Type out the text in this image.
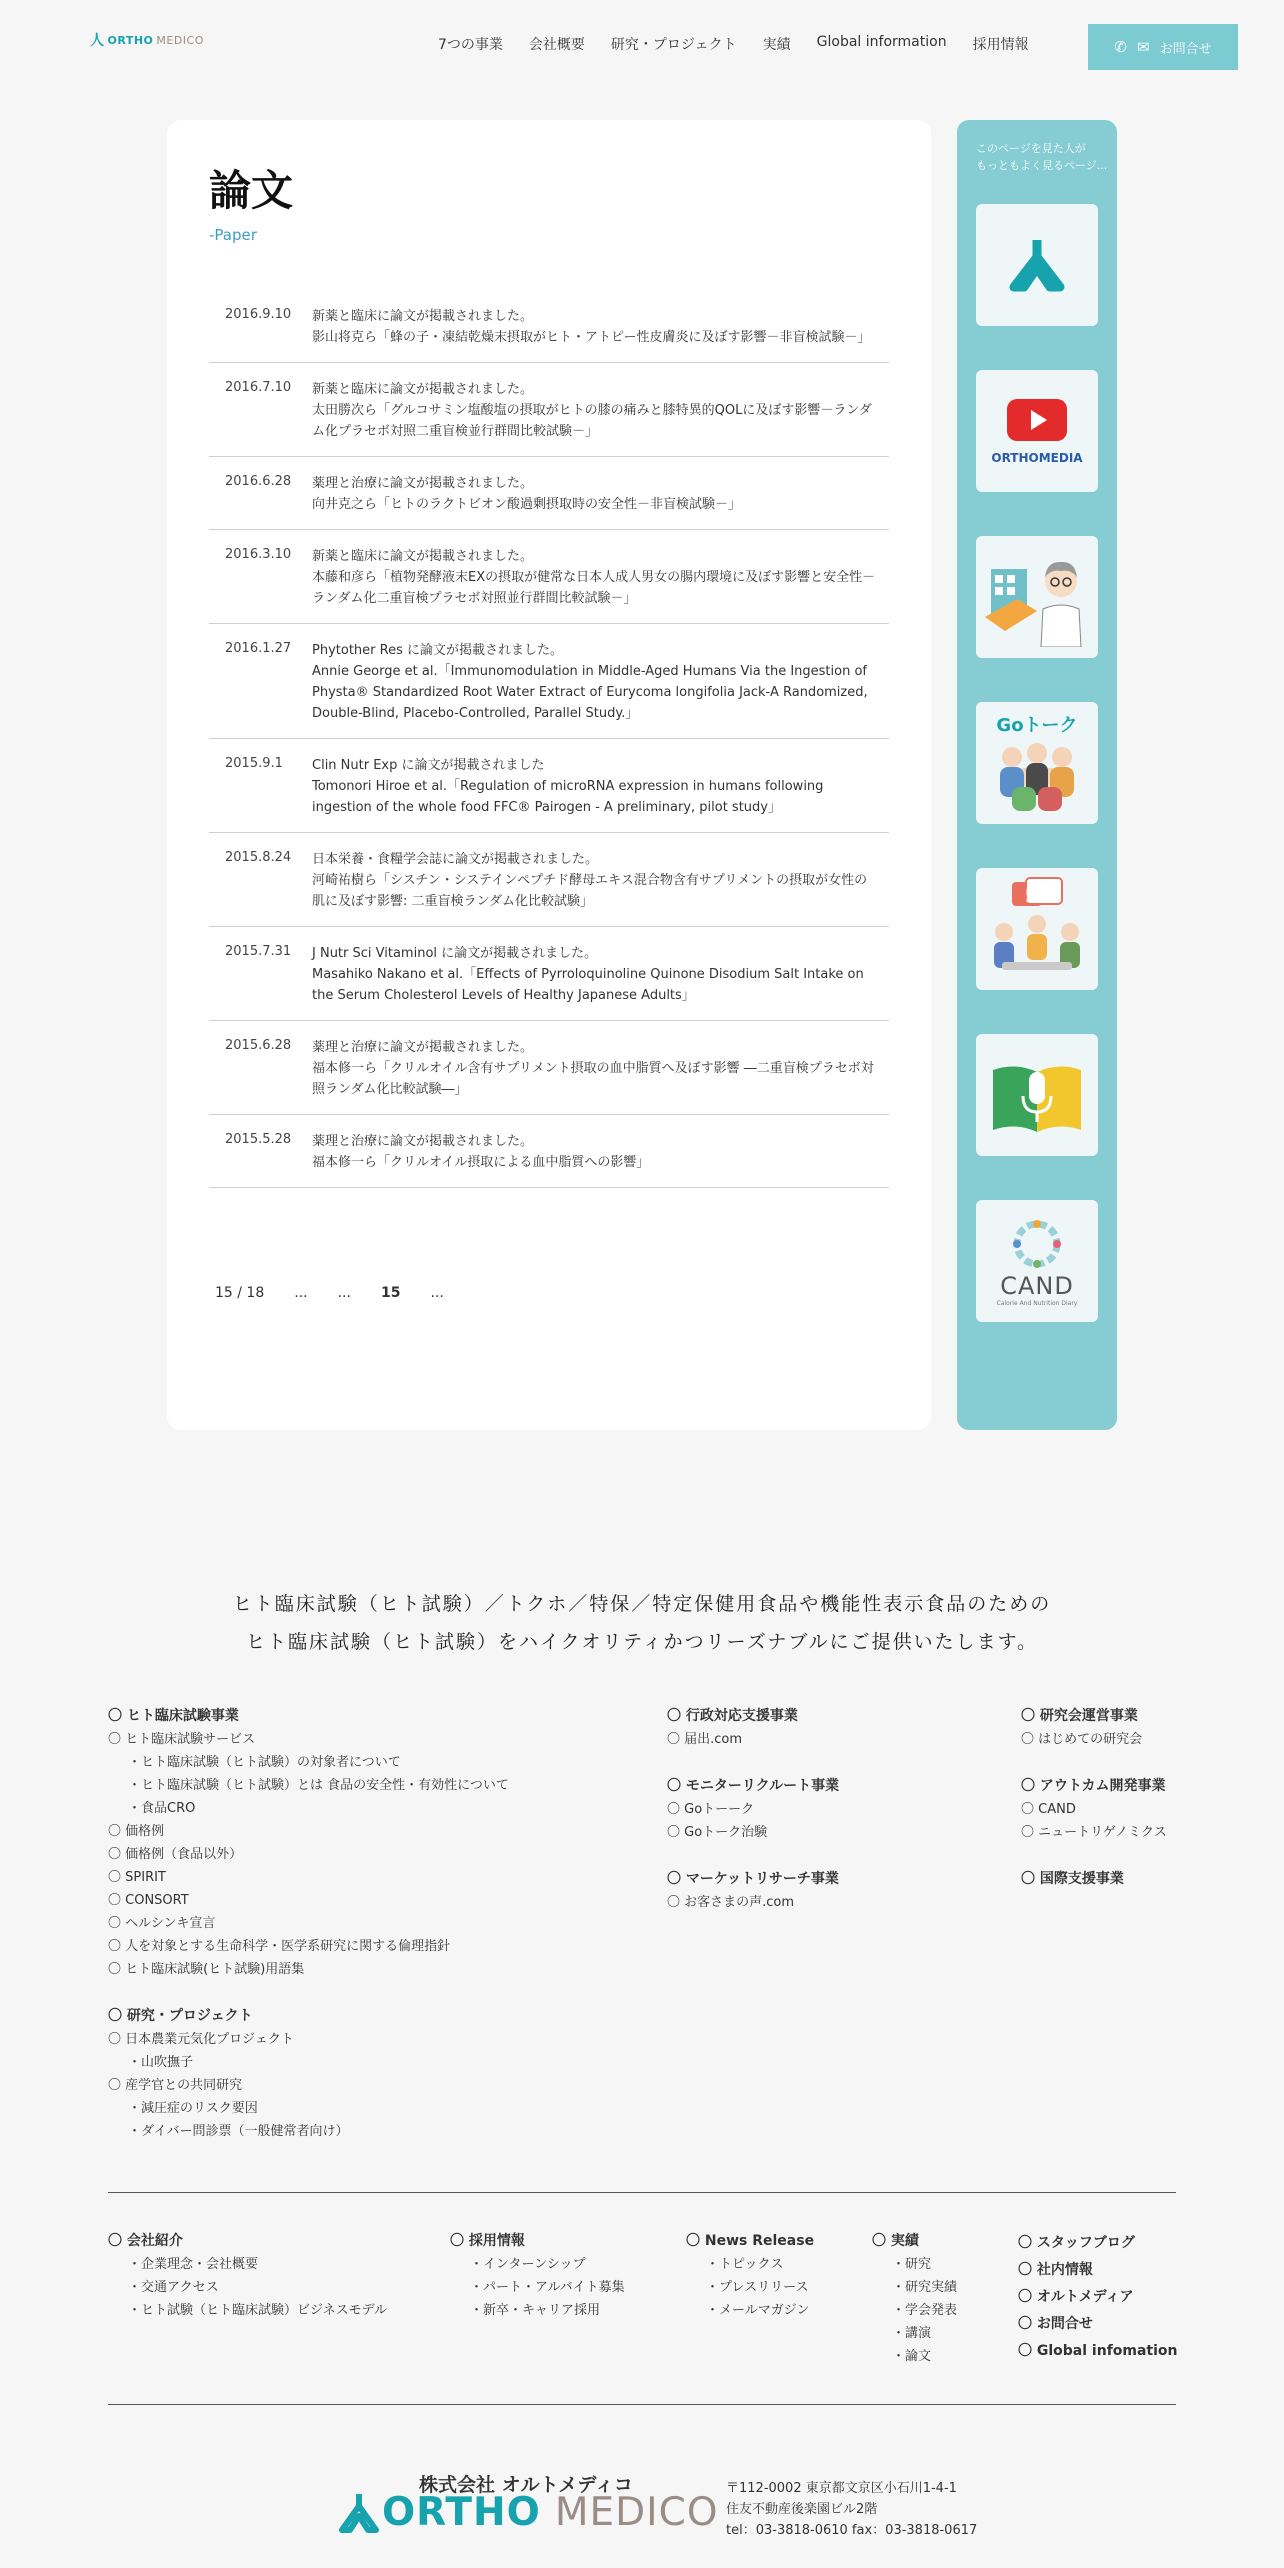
人 ORTHO MEDICO	7つの事業 会社概要 研究・プロジェクト 実績 Global information 採用情報	✆ ✉ お問合せ
論文
-Paper
2016.9.10	新薬と臨床に論文が掲載されました。
影山将克ら「蜂の子・凍結乾燥末摂取がヒト・アトピー性皮膚炎に及ぼす影響－非盲検試験－」
2016.7.10	新薬と臨床に論文が掲載されました。
太田勝次ら「グルコサミン塩酸塩の摂取がヒトの膝の痛みと膝特異的QOLに及ぼす影響－ランダム化プラセボ対照二重盲検並行群間比較試験－」
2016.6.28	薬理と治療に論文が掲載されました。
向井克之ら「ヒトのラクトビオン酸過剰摂取時の安全性－非盲検試験－」
2016.3.10	新薬と臨床に論文が掲載されました。
本藤和彦ら「植物発酵液末EXの摂取が健常な日本人成人男女の腸内環境に及ぼす影響と安全性－ランダム化二重盲検プラセボ対照並行群間比較試験－」
2016.1.27	Phytother Res に論文が掲載されました。
Annie George et al.「Immunomodulation in Middle-Aged Humans Via the Ingestion of Physta® Standardized Root Water Extract of Eurycoma longifolia Jack-A Randomized, Double-Blind, Placebo-Controlled, Parallel Study.」
2015.9.1	Clin Nutr Exp に論文が掲載されました
Tomonori Hiroe et al.「Regulation of microRNA expression in humans following ingestion of the whole food FFC® Pairogen - A preliminary, pilot study」
2015.8.24	日本栄養・食糧学会誌に論文が掲載されました。
河崎祐樹ら「シスチン・システインペプチド酵母エキス混合物含有サプリメントの摂取が女性の肌に及ぼす影響: 二重盲検ランダム化比較試験」
2015.7.31	J Nutr Sci Vitaminol に論文が掲載されました。
Masahiko Nakano et al.「Effects of Pyrroloquinoline Quinone Disodium Salt Intake on the Serum Cholesterol Levels of Healthy Japanese Adults」
2015.6.28	薬理と治療に論文が掲載されました。
福本修一ら「クリルオイル含有サプリメント摂取の血中脂質へ及ぼす影響 ―二重盲検プラセボ対照ランダム化比較試験―」
2015.5.28	薬理と治療に論文が掲載されました。
福本修一ら「クリルオイル摂取による血中脂質への影響」
15 / 18 ... ... 15 ...
このページを見た人が
もっともよく見るページ...
ORTHOMEDIA
Goトーク
!
CAND
Calorie And Nutrition Diary
ヒト臨床試験（ヒト試験）／トクホ／特保／特定保健用食品や機能性表示食品のための
ヒト臨床試験（ヒト試験）をハイクオリティかつリーズナブルにご提供いたします。
〇 ヒト臨床試験事業
〇 ヒト臨床試験サービス
・ヒト臨床試験（ヒト試験）の対象者について
・ヒト臨床試験（ヒト試験）とは 食品の安全性・有効性について
・食品CRO
〇 価格例
〇 価格例（食品以外）
〇 SPIRIT
〇 CONSORT
〇 ヘルシンキ宣言
〇 人を対象とする生命科学・医学系研究に関する倫理指針
〇 ヒト臨床試験(ヒト試験)用語集
〇 研究・プロジェクト
〇 日本農業元気化プロジェクト
・山吹撫子
〇 産学官との共同研究
・減圧症のリスク要因
・ダイバー問診票（一般健常者向け）
〇 行政対応支援事業
〇 届出.com
〇 モニターリクルート事業
〇 Goトーーク
〇 Goトーク治験
〇 マーケットリサーチ事業
〇 お客さまの声.com
〇 研究会運営事業
〇 はじめての研究会
〇 アウトカム開発事業
〇 CAND
〇 ニュートリゲノミクス
〇 国際支援事業
〇 会社紹介
・企業理念・会社概要
・交通アクセス
・ヒト試験（ヒト臨床試験）ビジネスモデル
〇 採用情報
・インターンシップ
・パート・アルバイト募集
・新卒・キャリア採用
〇 News Release
・トピックス
・プレスリリース
・メールマガジン
〇 実績
・研究
・研究実績
・学会発表
・講演
・論文
〇 スタッフブログ
〇 社内情報
〇 オルトメディア
〇 お問合せ
〇 Global infomation
株式会社 オルトメディコ
ORTHO MEDICO
〒112-0002 東京都文京区小石川1-4-1
住友不動産後楽園ビル2階
tel：03-3818-0610 fax：03-3818-0617
